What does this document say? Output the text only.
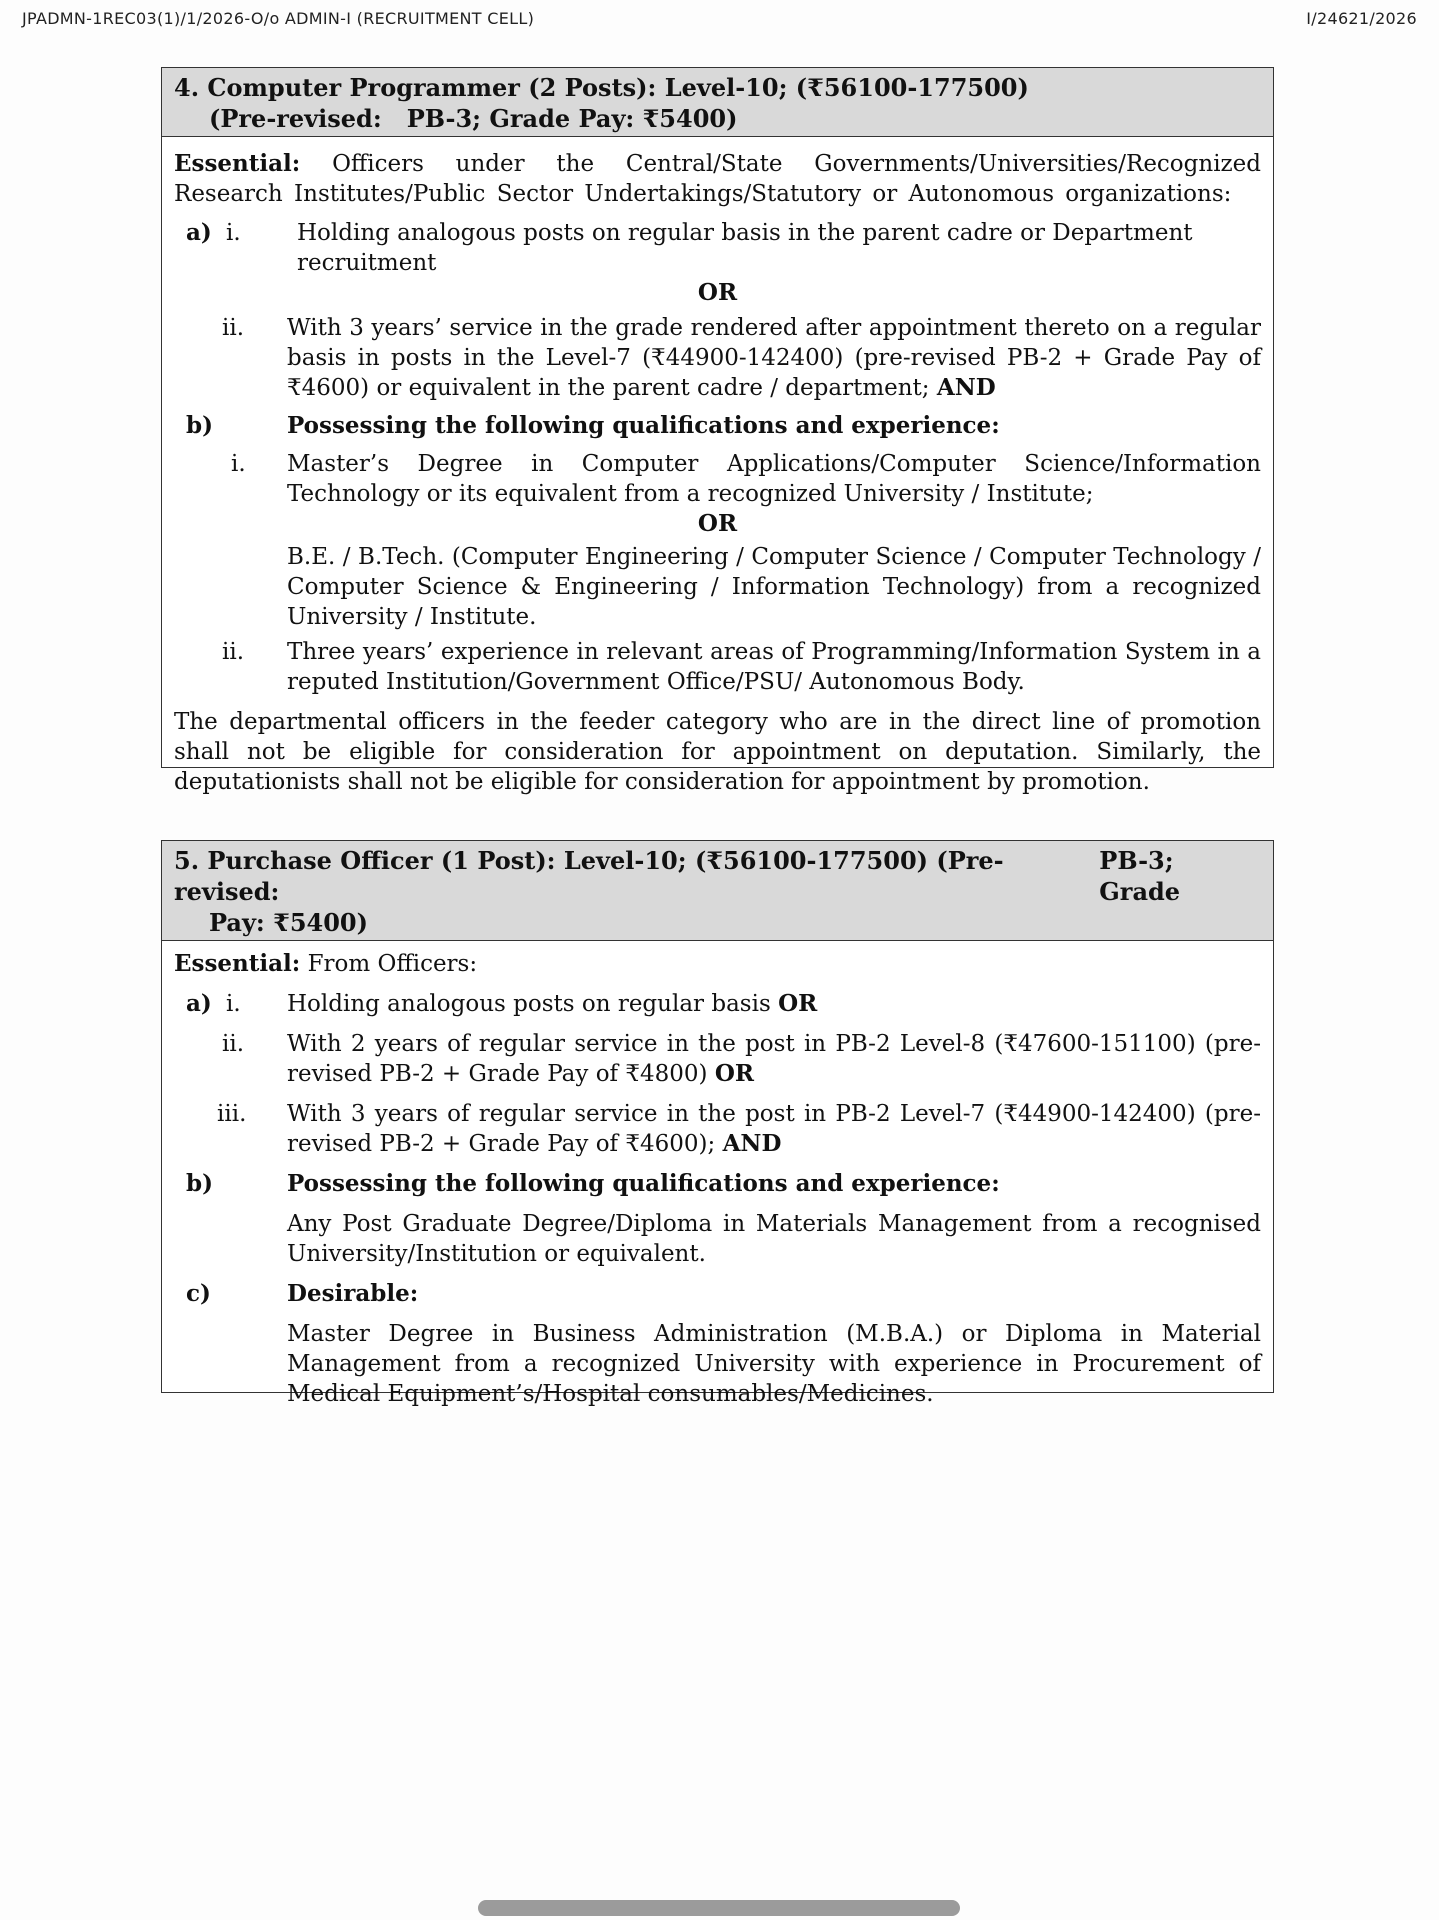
JPADMN-1REC03(1)/1/2026-O/o ADMIN-I (RECRUITMENT CELL)	I/24621/2026
4. Computer Programmer (2 Posts): Level-10; (₹56100-177500)
(Pre-revised:   PB-3; Grade Pay: ₹5400)
Essential: Officers under the Central/State Governments/Universities/Recognized Research Institutes/Public Sector Undertakings/Statutory or Autonomous organizations:
a) i. Holding analogous posts on regular basis in the parent cadre or Department recruitment
OR
ii. With 3 years’ service in the grade rendered after appointment thereto on a regular basis in posts in the Level-7 (₹44900-142400) (pre-revised PB-2 + Grade Pay of ₹4600) or equivalent in the parent cadre / department; AND
b)	Possessing the following qualifications and experience:
i. Master’s Degree in Computer Applications/Computer Science/Information Technology or its equivalent from a recognized University / Institute;
OR
B.E. / B.Tech. (Computer Engineering / Computer Science / Computer Technology / Computer Science & Engineering / Information Technology) from a recognized University / Institute.
ii. Three years’ experience in relevant areas of Programming/Information System in a reputed Institution/Government Office/PSU/ Autonomous Body.
The departmental officers in the feeder category who are in the direct line of promotion shall not be eligible for consideration for appointment on deputation. Similarly, the deputationists shall not be eligible for consideration for appointment by promotion.
5. Purchase Officer (1 Post): Level-10; (₹56100-177500) (Pre-revised:
PB-3; Grade
Pay: ₹5400)
Essential: From Officers:
a) i. Holding analogous posts on regular basis OR
ii. With 2 years of regular service in the post in PB-2 Level-8 (₹47600-151100) (pre-revised PB-2 + Grade Pay of ₹4800) OR
iii. With 3 years of regular service in the post in PB-2 Level-7 (₹44900-142400) (pre-revised PB-2 + Grade Pay of ₹4600); AND
b)	Possessing the following qualifications and experience:
Any Post Graduate Degree/Diploma in Materials Management from a recognised University/Institution or equivalent.
c)	Desirable:
Master Degree in Business Administration (M.B.A.) or Diploma in Material Management from a recognized University with experience in Procurement of Medical Equipment’s/Hospital consumables/Medicines.
